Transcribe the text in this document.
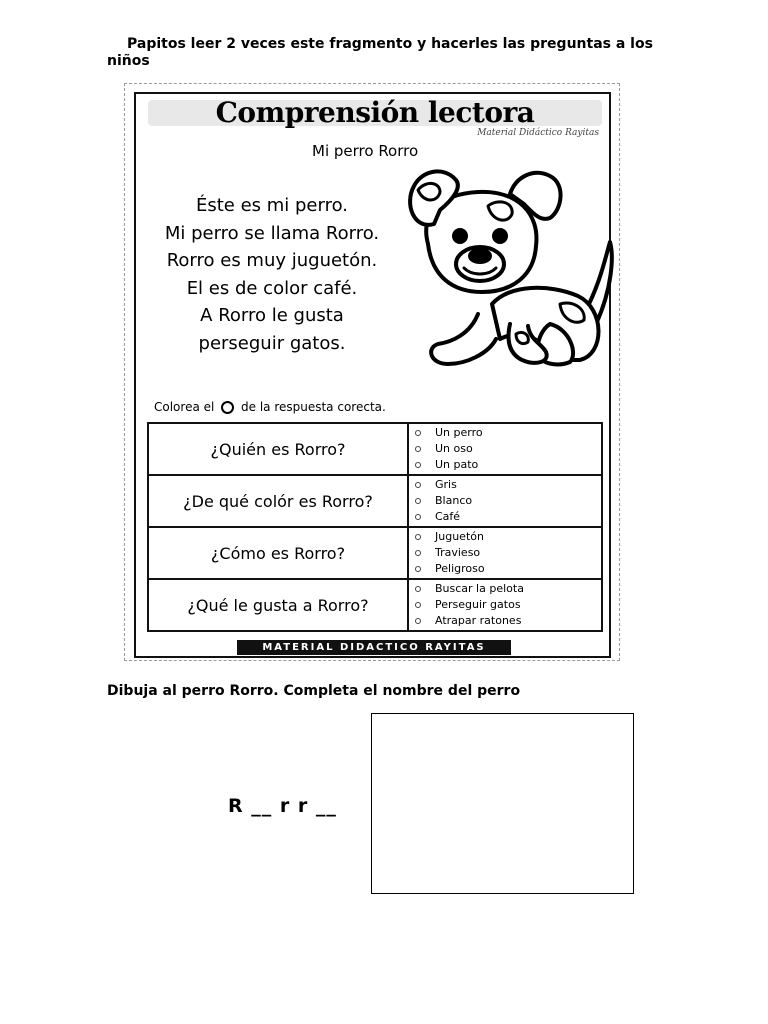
Papitos leer 2 veces este fragmento y hacerles las preguntas a los niños
Comprensión lectora
Material Didáctico Rayitas
Mi perro Rorro
Éste es mi perro.
Mi perro se llama Rorro.
Rorro es muy juguetón.
El es de color café.
A Rorro le gusta
perseguir gatos.
Colorea el de la respuesta corecta.
¿Quién es Rorro?	Un perro
Un oso
Un pato

¿De qué colór es Rorro?	Gris
Blanco
Café

¿Cómo es Rorro?	Juguetón
Travieso
Peligroso

¿Qué le gusta a Rorro?	Buscar la pelota
Perseguir gatos
Atrapar ratones
MATERIAL DIDACTICO RAYITAS
Dibuja al perro Rorro. Completa el nombre del perro
R __ r r __
